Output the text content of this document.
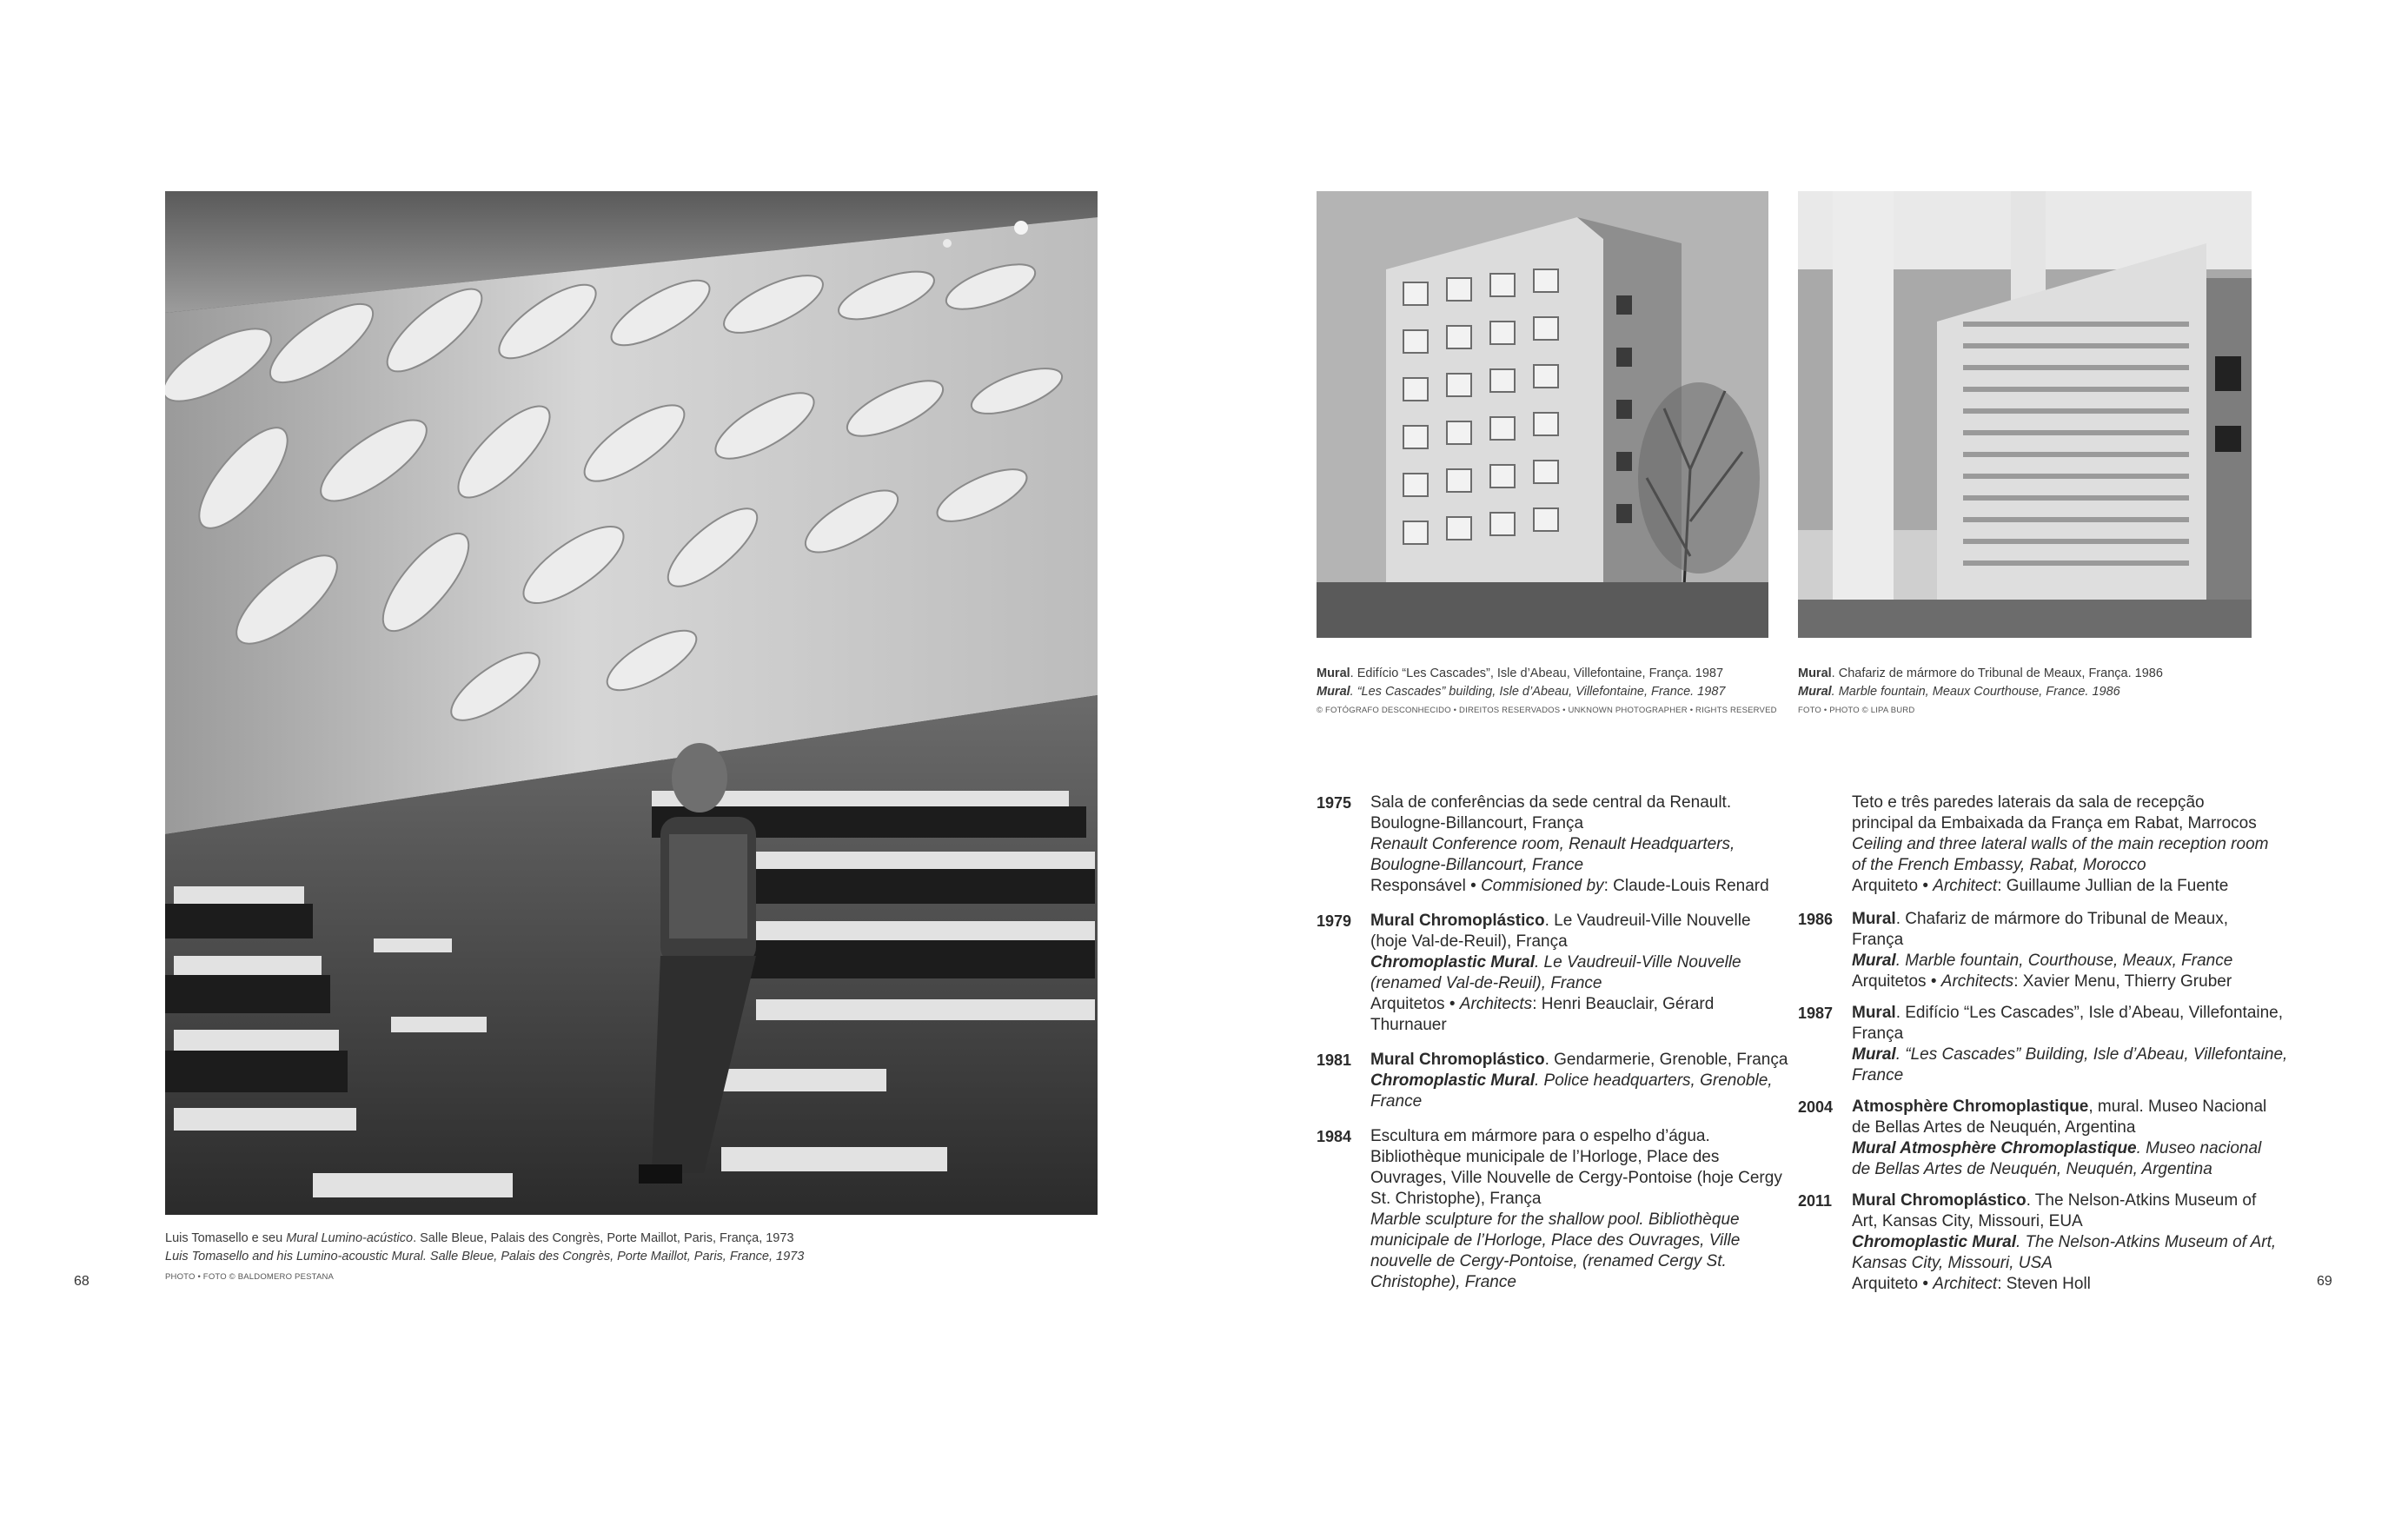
Luis Tomasello e seu Mural Lumino-acústico. Salle Bleue, Palais des Congrès, Porte Maillot, Paris, França, 1973
Luis Tomasello and his Lumino-acoustic Mural. Salle Bleue, Palais des Congrès, Porte Maillot, Paris, France, 1973
PHOTO • FOTO © BALDOMERO PESTANA
68
Mural. Edifício “Les Cascades”, Isle d’Abeau, Villefontaine, França. 1987
Mural. “Les Cascades” building, Isle d’Abeau, Villefontaine, France. 1987
© FOTÓGRAFO DESCONHECIDO • DIREITOS RESERVADOS • UNKNOWN PHOTOGRAPHER • RIGHTS RESERVED
Mural. Chafariz de mármore do Tribunal de Meaux, França. 1986
Mural. Marble fountain, Meaux Courthouse, France. 1986
FOTO • PHOTO © LIPA BURD
1975 Sala de conferências da sede central da Renault.
Boulogne-Billancourt, França
Renault Conference room, Renault Headquarters,
Boulogne-Billancourt, France
Responsável • Commisioned by: Claude-Louis Renard
1979 Mural Chromoplástico. Le Vaudreuil-Ville Nouvelle
(hoje Val-de-Reuil), França
Chromoplastic Mural. Le Vaudreuil-Ville Nouvelle
(renamed Val-de-Reuil), France
Arquitetos • Architects: Henri Beauclair, Gérard
Thurnauer
1981 Mural Chromoplástico. Gendarmerie, Grenoble, França
Chromoplastic Mural. Police headquarters, Grenoble,
France
1984 Escultura em mármore para o espelho d’água.
Bibliothèque municipale de l’Horloge, Place des
Ouvrages, Ville Nouvelle de Cergy-Pontoise (hoje Cergy
St. Christophe), França
Marble sculpture for the shallow pool. Bibliothèque
municipale de l’Horloge, Place des Ouvrages, Ville
nouvelle de Cergy-Pontoise, (renamed Cergy St.
Christophe), France
Teto e três paredes laterais da sala de recepção
principal da Embaixada da França em Rabat, Marrocos
Ceiling and three lateral walls of the main reception room
of the French Embassy, Rabat, Morocco
Arquiteto • Architect: Guillaume Jullian de la Fuente
1986 Mural. Chafariz de mármore do Tribunal de Meaux,
França
Mural. Marble fountain, Courthouse, Meaux, France
Arquitetos • Architects: Xavier Menu, Thierry Gruber
1987 Mural. Edifício “Les Cascades”, Isle d’Abeau, Villefontaine,
França
Mural. “Les Cascades” Building, Isle d’Abeau, Villefontaine,
France
2004 Atmosphère Chromoplastique, mural. Museo Nacional
de Bellas Artes de Neuquén, Argentina
Mural Atmosphère Chromoplastique. Museo nacional
de Bellas Artes de Neuquén, Neuquén, Argentina
2011 Mural Chromoplástico. The Nelson-Atkins Museum of
Art, Kansas City, Missouri, EUA
Chromoplastic Mural. The Nelson-Atkins Museum of Art,
Kansas City, Missouri, USA
Arquiteto • Architect: Steven Holl	69
